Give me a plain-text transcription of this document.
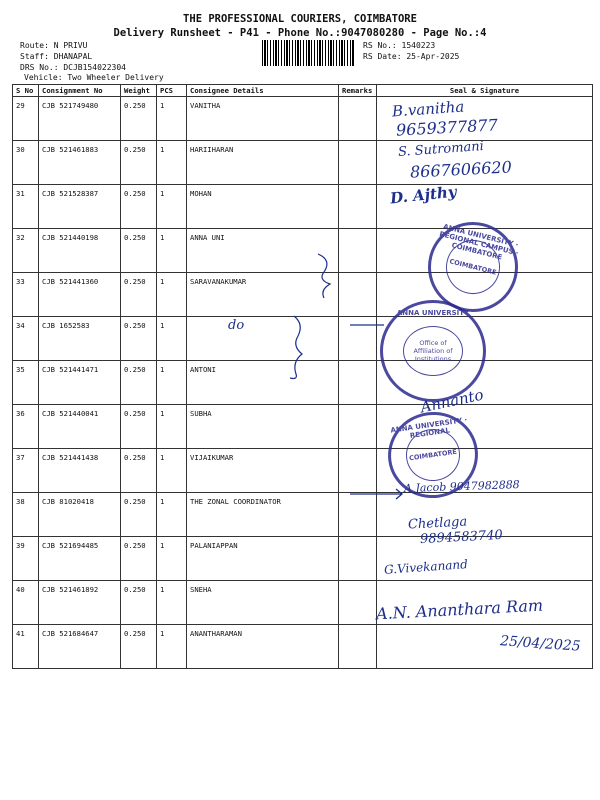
THE PROFESSIONAL COURIERS, COIMBATORE
Delivery Runsheet - P41 - Phone No.:9047080280 - Page No.:4
Route: N PRIVU
Staff: DHANAPAL
DRS No.: DCJB154022304
Vehicle: Two Wheeler Delivery
RS No.: 1540223
RS Date: 25-Apr-2025
S No	Consignment No	Weight	PCS	Consignee Details	Remarks	Seal & Signature
29	CJB 521749480	0.250	1	VANITHA		
30	CJB 521461883	0.250	1	HARIIHARAN		
31	CJB 521528387	0.250	1	MOHAN		
32	CJB 521440198	0.250	1	ANNA UNI		
33	CJB 521441360	0.250	1	SARAVANAKUMAR		
34	CJB 1652583	0.250	1			
35	CJB 521441471	0.250	1	ANTONI		
36	CJB 521440041	0.250	1	SUBHA		
37	CJB 521441438	0.250	1	VIJAIKUMAR		
38	CJB 81020418	0.250	1	THE ZONAL COORDINATOR		
39	CJB 521694485	0.250	1	PALANIAPPAN		
40	CJB 521461892	0.250	1	SNEHA		
41	CJB 521684647	0.250	1	ANANTHARAMAN		
B.vanitha
9659377877
S. Sutromani
8667606620
D. Ajthy
do
Annanto
A Jacob 9047982888
Chetlaga
9894583740
G.Vivekanand
A.N. Ananthara Ram
25/04/2025
ANNA UNIVERSITY · REGIONAL CAMPUS · COIMBATORE
COIMBATORE
ANNA UNIVERSITY
Office of Affiliation of Institutions
ANNA UNIVERSITY · REGIONAL
COIMBATORE
